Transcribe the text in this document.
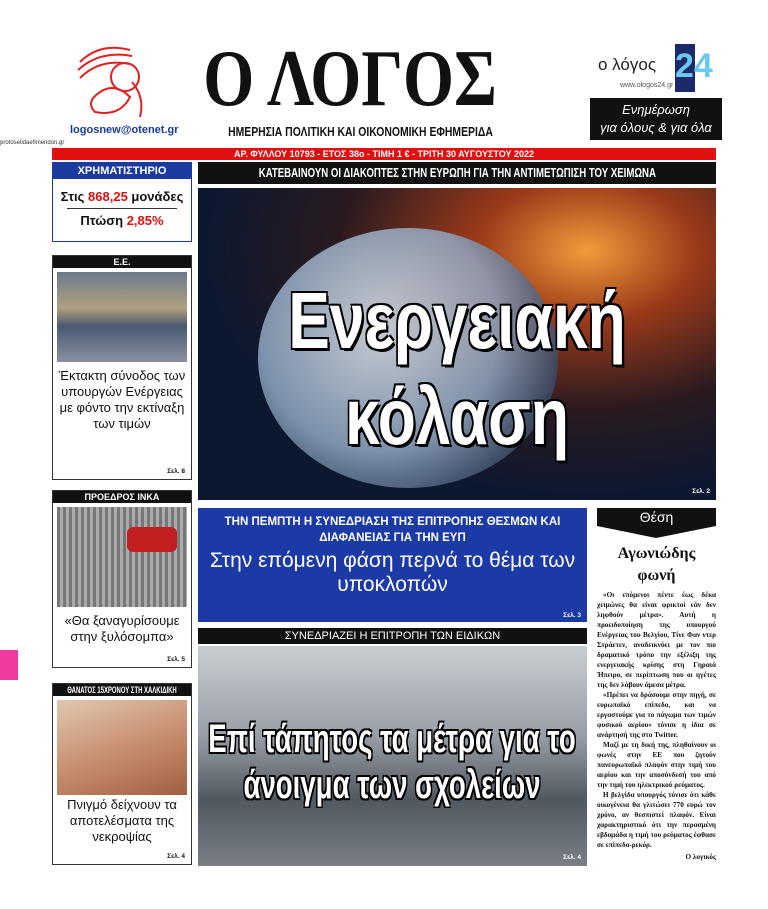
logosnew@otenet.gr
Ο ΛΟΓΟΣ
ΗΜΕΡΗΣΙΑ ΠΟΛΙΤΙΚΗ ΚΑΙ ΟΙΚΟΝΟΜΙΚΗ ΕΦΗΜΕΡΙΔΑ
ο λόγος 24
www.ologos24.gr
Ενημέρωση
για όλους & για όλα
protoselidaefimeridon.gr
ΑΡ. ΦΥΛΛΟΥ 10793 - ΕΤΟΣ 38ο - ΤΙΜΗ 1 € - ΤΡΙΤΗ 30 ΑΥΓΟΥΣΤΟΥ 2022
ΧΡΗΜΑΤΙΣΤΗΡΙΟ
Στις 868,25 μονάδες
Πτώση 2,85%
Ε.Ε.
Έκτακτη σύνοδος των υπουργών Ενέργειας με φόντο την εκτίναξη των τιμών
Σελ. 8
ΠΡΟΕΔΡΟΣ ΙΝΚΑ
«Θα ξαναγυρίσουμε στην ξυλόσομπα»
Σελ. 5
ΘΑΝΑΤΟΣ 15ΧΡΟΝΟΥ ΣΤΗ ΧΑΛΚΙΔΙΚΗ
Πνιγμό δείχνουν τα αποτελέσματα της νεκροψίας
Σελ. 4
ΚΑΤΕΒΑΙΝΟΥΝ ΟΙ ΔΙΑΚΟΠΤΕΣ ΣΤΗΝ ΕΥΡΩΠΗ ΓΙΑ ΤΗΝ ΑΝΤΙΜΕΤΩΠΙΣΗ ΤΟΥ ΧΕΙΜΩΝΑ
Ενεργειακή
κόλαση
Σελ. 2
ΤΗΝ ΠΕΜΠΤΗ Η ΣΥΝΕΔΡΙΑΣΗ ΤΗΣ ΕΠΙΤΡΟΠΗΣ ΘΕΣΜΩΝ ΚΑΙ ΔΙΑΦΑΝΕΙΑΣ ΓΙΑ ΤΗΝ ΕΥΠ
Στην επόμενη φάση περνά το θέμα των υποκλοπών
Σελ. 3
Θέση
Αγωνιώδης φωνή

«Οι επόμενοι πέντε έως δέκα χειμώνες θα είναι φρικτοί εάν δεν ληφθούν μέτρα». Αυτή η προειδοποίηση της υπουργού Ενέργειας του Βελγίου, Τίνε Φαν ντερ Στράετεν, αναδεικνύει με τον πιο δραματικό τρόπο την εξέλιξη της ενεργειακής κρίσης στη Γηραιά Ήπειρο, σε περίπτωση που οι ηγέτες της δεν λάβουν άμεσα μέτρα.

«Πρέπει να δράσουμε στην πηγή, σε ευρωπαϊκό επίπεδο, και να εργαστούμε για το πάγωμα των τιμών φυσικού αερίου» τόνισε η ίδια σε ανάρτησή της στο Twitter.

Μαζί με τη δική της, πληθαίνουν οι φωνές στην ΕΕ που ζητούν πανευρωπαϊκό πλαφόν στην τιμή του αερίου και την αποσύνδεσή του από την τιμή του ηλεκτρικού ρεύματος.

Η βελγίδα υπουργός τόνισε ότι κάθε οικογένεια θα γλιτώσει 770 ευρώ τον χρόνο, αν θεσπιστεί πλαφόν. Είναι χαρακτηριστικό ότι την περασμένη εβδομάδα η τιμή του ρεύματος έφθασε σε επίπεδο-ρεκόρ.

Ο λογικός
ΣΥΝΕΔΡΙΑΖΕΙ Η ΕΠΙΤΡΟΠΗ ΤΩΝ ΕΙΔΙΚΩΝ
Επί τάπητος τα μέτρα για το άνοιγμα των σχολείων
Σελ. 4
